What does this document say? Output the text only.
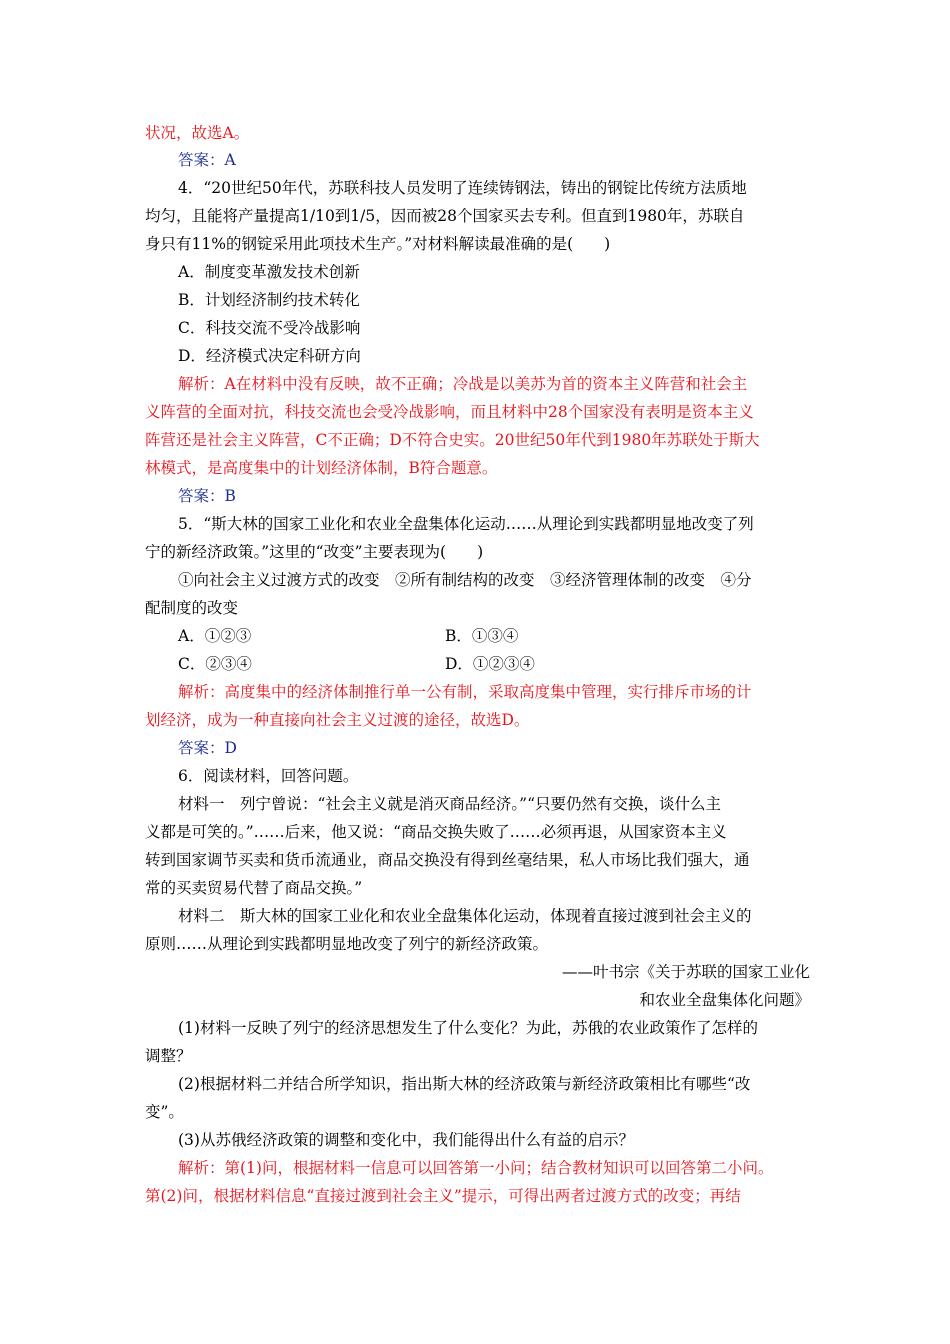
状况，故选A。
答案：A
4．“20世纪50年代，苏联科技人员发明了连续铸钢法，铸出的钢锭比传统方法质地
均匀，且能将产量提高1/10到1/5，因而被28个国家买去专利。但直到1980年，苏联自
身只有11%的钢锭采用此项技术生产。”对材料解读最准确的是(　　)
A．制度变革激发技术创新
B．计划经济制约技术转化
C．科技交流不受冷战影响
D．经济模式决定科研方向
解析：A在材料中没有反映，故不正确；冷战是以美苏为首的资本主义阵营和社会主
义阵营的全面对抗，科技交流也会受冷战影响，而且材料中28个国家没有表明是资本主义
阵营还是社会主义阵营，C不正确；D不符合史实。20世纪50年代到1980年苏联处于斯大
林模式，是高度集中的计划经济体制，B符合题意。
答案：B
5．“斯大林的国家工业化和农业全盘集体化运动……从理论到实践都明显地改变了列
宁的新经济政策。”这里的“改变”主要表现为(　　)
①向社会主义过渡方式的改变　②所有制结构的改变　③经济管理体制的改变　④分
配制度的改变
A．①②③	B．①③④
C．②③④	D．①②③④
解析：高度集中的经济体制推行单一公有制，采取高度集中管理，实行排斥市场的计
划经济，成为一种直接向社会主义过渡的途径，故选D。
答案：D
6．阅读材料，回答问题。
材料一　列宁曾说：“社会主义就是消灭商品经济。”“只要仍然有交换，谈什么主
义都是可笑的。”……后来，他又说：“商品交换失败了……必须再退，从国家资本主义
转到国家调节买卖和货币流通业，商品交换没有得到丝毫结果，私人市场比我们强大，通
常的买卖贸易代替了商品交换。”
材料二　斯大林的国家工业化和农业全盘集体化运动，体现着直接过渡到社会主义的
原则……从理论到实践都明显地改变了列宁的新经济政策。
——叶书宗《关于苏联的国家工业化
和农业全盘集体化问题》
(1)材料一反映了列宁的经济思想发生了什么变化？为此，苏俄的农业政策作了怎样的
调整？
(2)根据材料二并结合所学知识，指出斯大林的经济政策与新经济政策相比有哪些“改
变”。
(3)从苏俄经济政策的调整和变化中，我们能得出什么有益的启示？
解析：第(1)问，根据材料一信息可以回答第一小问；结合教材知识可以回答第二小问。
第(2)问，根据材料信息“直接过渡到社会主义”提示，可得出两者过渡方式的改变；再结
